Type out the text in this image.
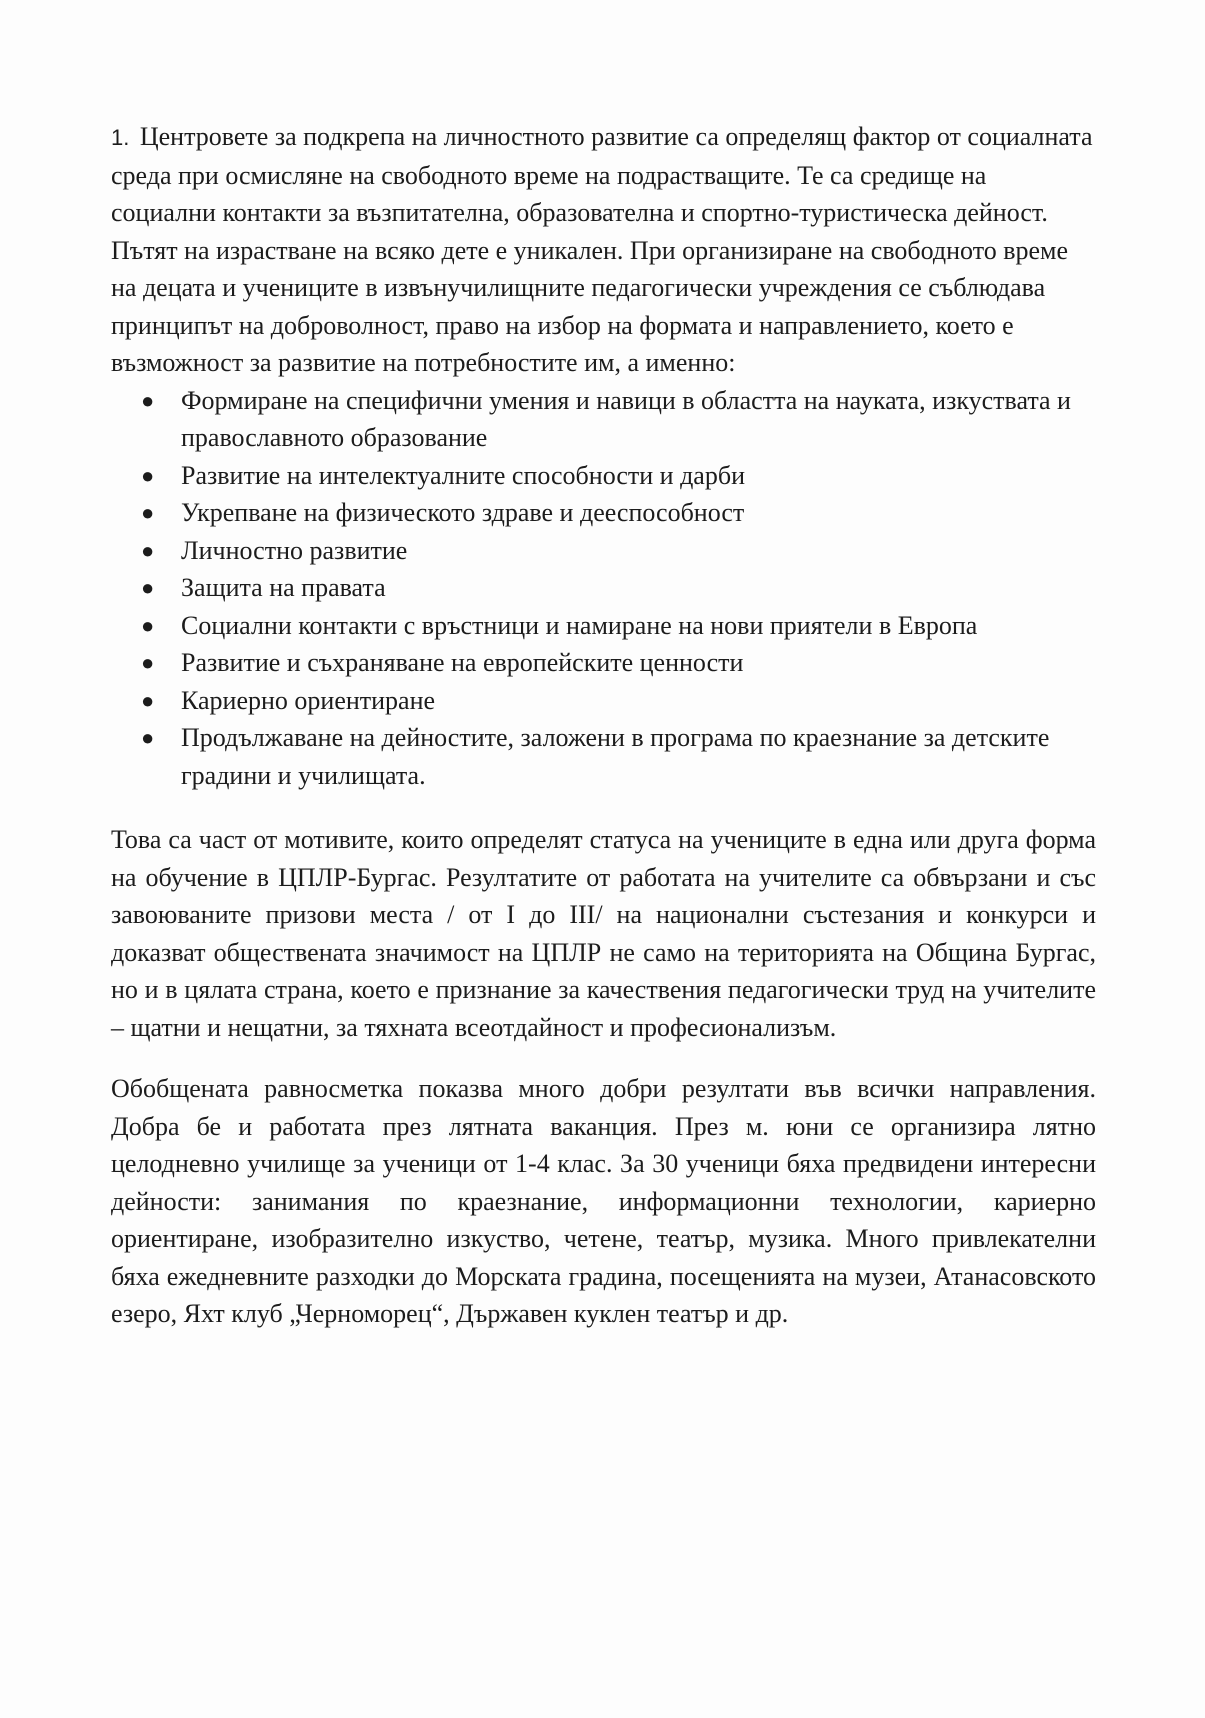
1. Центровете за подкрепа на личностното развитие са определящ фактор от социалната среда при осмисляне на свободното време на подрастващите. Те са средище на социални контакти за възпитателна, образователна и спортно-туристическа дейност. Пътят на израстване на всяко дете е уникален. При организиране на свободното време на децата и учениците в извънучилищните педагогически учреждения се съблюдава принципът на доброволност, право на избор на формата и направлението, което е възможност за развитие на потребностите им, а именно:

● Формиране на специфични умения и навици в областта на науката, изкуствата и православното образование
● Развитие на интелектуалните способности и дарби
● Укрепване на физическото здраве и дееспособност
● Личностно развитие
● Защита на правата
● Социални контакти с връстници и намиране на нови приятели в Европа
● Развитие и съхраняване на европейските ценности
● Кариерно ориентиране
● Продължаване на дейностите, заложени в програма по краезнание за детските градини и училищата.

Това са част от мотивите, които определят статуса на учениците в една или друга форма на обучение в ЦПЛР-Бургас. Резултатите от работата на учителите са обвързани и със завоюваните призови места / от I до III/ на национални състезания и конкурси и доказват обществената значимост на ЦПЛР не само на територията на Община Бургас, но и в цялата страна, което е признание за качествения педагогически труд на учителите – щатни и нещатни, за тяхната всеотдайност и професионализъм.

Обобщената равносметка показва много добри резултати във всички направления. Добра бе и работата през лятната ваканция. През м. юни се организира лятно целодневно училище за ученици от 1-4 клас. За 30 ученици бяха предвидени интересни дейности: занимания по краезнание, информационни технологии, кариерно ориентиране, изобразително изкуство, четене, театър, музика. Много привлекателни бяха ежедневните разходки до Морската градина, посещенията на музеи, Атанасовското езеро, Яхт клуб „Черноморец“, Държавен куклен театър и др.
